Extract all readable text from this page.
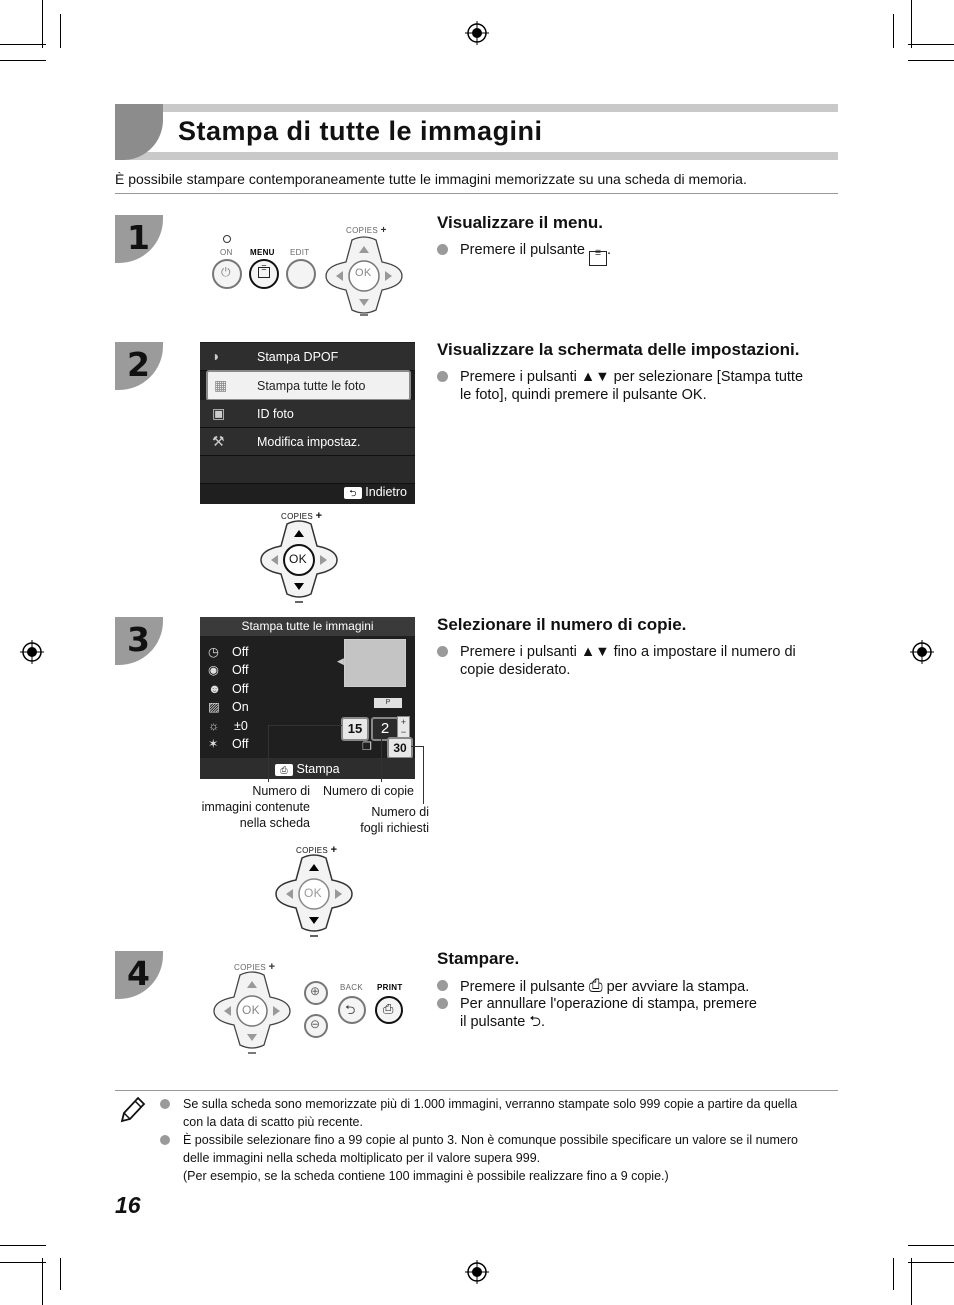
Stampa di tutte le immagini
È possibile stampare contemporaneamente tutte le immagini memorizzate su una scheda di memoria.
1	Visualizzare il menu.
Premere il pulsante ☰ .
ON MENU EDIT
⏻	☰
COPIES +
OK
2	Visualizzare la schermata delle impostazioni.
Premere i pulsanti ▲▼ per selezionare [Stampa tutte
le foto], quindi premere il pulsante OK.
◗	Stampa DPOF
▦	Stampa tutte le foto
▣	ID foto
⚒	Modifica impostaz.
⮌ Indietro
COPIES +
OK
3	Selezionare il numero di copie.
Premere i pulsanti ▲▼ fino a impostare il numero di
copie desiderato.
Stampa tutte le immagini
◷ Off
◉ Off
☻ Off
▨ On
☼ ±0
✶ Off
◀
P
15	2	+
−
❐	30
⎙ Stampa
Numero di
immagini contenute
nella scheda
Numero di copie
Numero di
fogli richiesti
COPIES +
OK
4	Stampare.
Premere il pulsante ⎙ per avviare la stampa.
Per annullare l'operazione di stampa, premere
il pulsante ⮌.
COPIES +
OK
⊕
⊖
BACK PRINT
⮌ ⎙
Se sulla scheda sono memorizzate più di 1.000 immagini, verranno stampate solo 999 copie a partire da quella
con la data di scatto più recente.
È possibile selezionare fino a 99 copie al punto 3. Non è comunque possibile specificare un valore se il numero
delle immagini nella scheda moltiplicato per il valore supera 999.
(Per esempio, se la scheda contiene 100 immagini è possibile realizzare fino a 9 copie.)
16
